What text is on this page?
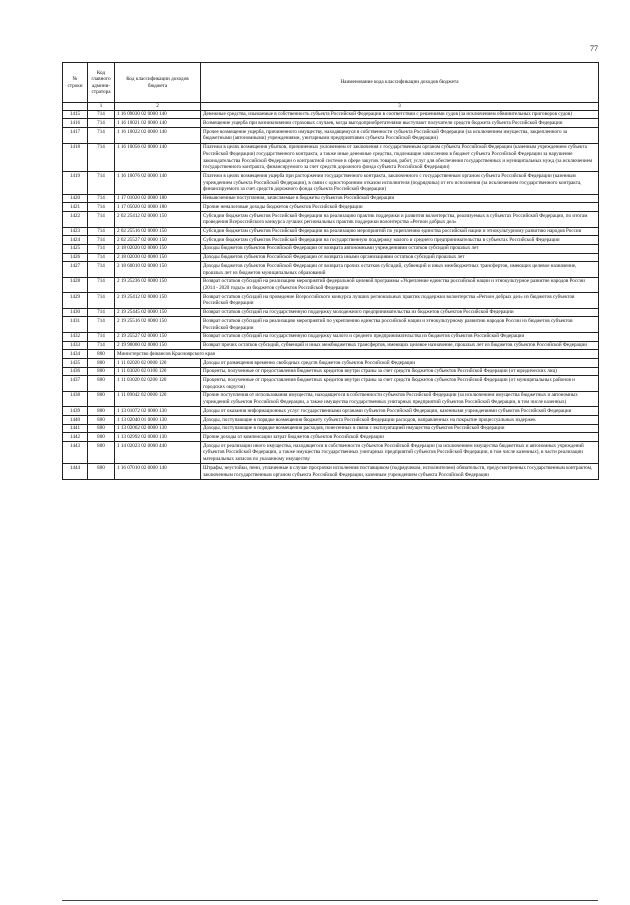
77
№ строки	Код главного админи-стратора	Код классификации доходов бюджета	Наименование кода классификации доходов бюджета
	1	2	3
1415	714	1 16 09030 02 0000 140	Денежные средства, изымаемые в собственность субъекта Российской Федерации в соответствии с решениями судов (за исключением обвинительных приговоров судов)
1416	714	1 16 10021 02 0000 140	Возмещение ущерба при возникновении страховых случаев, когда выгодоприобретателями выступают получатели средств бюджета субъекта Российской Федерации
1417	714	1 16 10022 02 0000 140	Прочее возмещение ущерба, причиненного имуществу, находящемуся в собственности субъекта Российской Федерации (за исключением имущества, закрепленного за бюджетными (автономными) учреждениями, унитарными предприятиями субъекта Российской Федерации)
1418	714	1 16 10056 02 0000 140	Платежи в целях возмещения убытков, причиненных уклонением от заключения с государственным органом субъекта Российской Федерации (казенным учреждением субъекта Российской Федерации) государственного контракта, а также иные денежные средства, подлежащие зачислению в бюджет субъекта Российской Федерации за нарушение законодательства Российской Федерации о контрактной системе в сфере закупок товаров, работ, услуг для обеспечения государственных и муниципальных нужд (за исключением государственного контракта, финансируемого за счет средств дорожного фонда субъекта Российской Федерации)
1419	714	1 16 10076 02 0000 140	Платежи в целях возмещения ущерба при расторжении государственного контракта, заключенного с государственным органом субъекта Российской Федерации (казенным учреждением субъекта Российской Федерации), в связи с односторонним отказом исполнителя (подрядчика) от его исполнения (за исключением государственного контракта, финансируемого за счет средств дорожного фонда субъекта Российской Федерации)
1420	714	1 17 01020 02 0000 180	Невыясненные поступления, зачисляемые в бюджеты субъектов Российской Федерации
1421	714	1 17 05020 02 0000 180	Прочие неналоговые доходы бюджетов субъектов Российской Федерации
1422	714	2 02 25412 02 0000 150	Субсидии бюджетам субъектов Российской Федерации на реализацию практик поддержки и развития волонтерства, реализуемых в субъектах Российской Федерации, по итогам проведения Всероссийского конкурса лучших региональных практик поддержки волонтерства «Регион добрых дел»
1423	714	2 02 25516 02 0000 150	Субсидии бюджетам субъектов Российской Федерации на реализацию мероприятий по укреплению единства российской нации и этнокультурному развитию народов России
1424	714	2 02 25527 02 0000 150	Субсидии бюджетам субъектов Российской Федерации на государственную поддержку малого и среднего предпринимательства в субъектах Российской Федерации
1425	714	2 18 02020 02 0000 150	Доходы бюджетов субъектов Российской Федерации от возврата автономными учреждениями остатков субсидий прошлых лет
1426	714	2 18 02030 02 0000 150	Доходы бюджетов субъектов Российской Федерации от возврата иными организациями остатков субсидий прошлых лет
1427	714	2 18 60010 02 0000 150	Доходы бюджетов субъектов Российской Федерации от возврата прочих остатков субсидий, субвенций и иных межбюджетных трансфертов, имеющих целевое назначение, прошлых лет из бюджетов муниципальных образований
1428	714	2 19 25236 02 0000 150	Возврат остатков субсидий на реализацию мероприятий федеральной целевой программы «Укрепление единства российской нации и этнокультурное развитие народов России (2014 - 2020 годы)» из бюджетов субъектов Российской Федерации
1429	714	2 19 25412 02 0000 150	Возврат остатков субсидий на проведение Всероссийского конкурса лучших региональных практик поддержки волонтерства «Регион добрых дел» из бюджетов субъектов Российской Федерации
1430	714	2 19 25445 02 0000 150	Возврат остатков субсидий на государственную поддержку молодежного предпринимательства из бюджетов субъектов Российской Федерации
1431	714	2 19 25516 02 0000 150	Возврат остатков субсидий на реализацию мероприятий по укреплению единства российской нации и этнокультурному развитию народов России из бюджетов субъектов Российской Федерации
1432	714	2 19 25527 02 0000 150	Возврат остатков субсидий на государственную поддержку малого и среднего предпринимательства из бюджетов субъектов Российской Федерации
1433	714	2 19 90000 02 0000 150	Возврат прочих остатков субсидий, субвенций и иных межбюджетных трансфертов, имеющих целевое назначение, прошлых лет из бюджетов субъектов Российской Федерации
1434	800	Министерство финансов Красноярского края	
1435	800	1 11 02020 02 0000 120	Доходы от размещения временно свободных средств бюджетов субъектов Российской Федерации
1436	800	1 11 03020 02 0100 120	Проценты, полученные от предоставления бюджетных кредитов внутри страны за счет средств бюджетов субъектов Российской Федерации (от юридических лиц)
1437	800	1 11 03020 02 0200 120	Проценты, полученные от предоставления бюджетных кредитов внутри страны за счет средств бюджетов субъектов Российской Федерации (от муниципальных районов и городских округов)
1438	800	1 11 09042 02 0000 120	Прочие поступления от использования имущества, находящегося в собственности субъектов Российской Федерации (за исключением имущества бюджетных и автономных учреждений субъектов Российской Федерации, а также имущества государственных унитарных предприятий субъектов Российской Федерации, в том числе казенных)
1439	800	1 13 01072 02 0000 130	Доходы от оказания информационных услуг государственными органами субъектов Российской Федерации, казенными учреждениями субъектов Российской Федерации
1440	800	1 13 02040 01 0000 130	Доходы, поступающие в порядке возмещения бюджету субъекта Российской Федерации расходов, направленных на покрытие процессуальных издержек
1441	800	1 13 02062 02 0000 130	Доходы, поступающие в порядке возмещения расходов, понесенных в связи с эксплуатацией имущества субъектов Российской Федерации
1442	800	1 13 02992 02 0000 130	Прочие доходы от компенсации затрат бюджетов субъектов Российской Федерации
1443	800	1 14 02023 02 0000 440	Доходы от реализации иного имущества, находящегося в собственности субъектов Российской Федерации (за исключением имущества бюджетных и автономных учреждений субъектов Российской Федерации, а также имущества государственных унитарных предприятий субъектов Российской Федерации, в том числе казенных), в части реализации материальных запасов по указанному имуществу
1444	800	1 16 07010 02 0000 140	Штрафы, неустойки, пени, уплаченные в случае просрочки исполнения поставщиком (подрядчиком, исполнителем) обязательств, предусмотренных государственным контрактом, заключенным государственным органом субъекта Российской Федерации, казенным учреждением субъекта Российской Федерации
